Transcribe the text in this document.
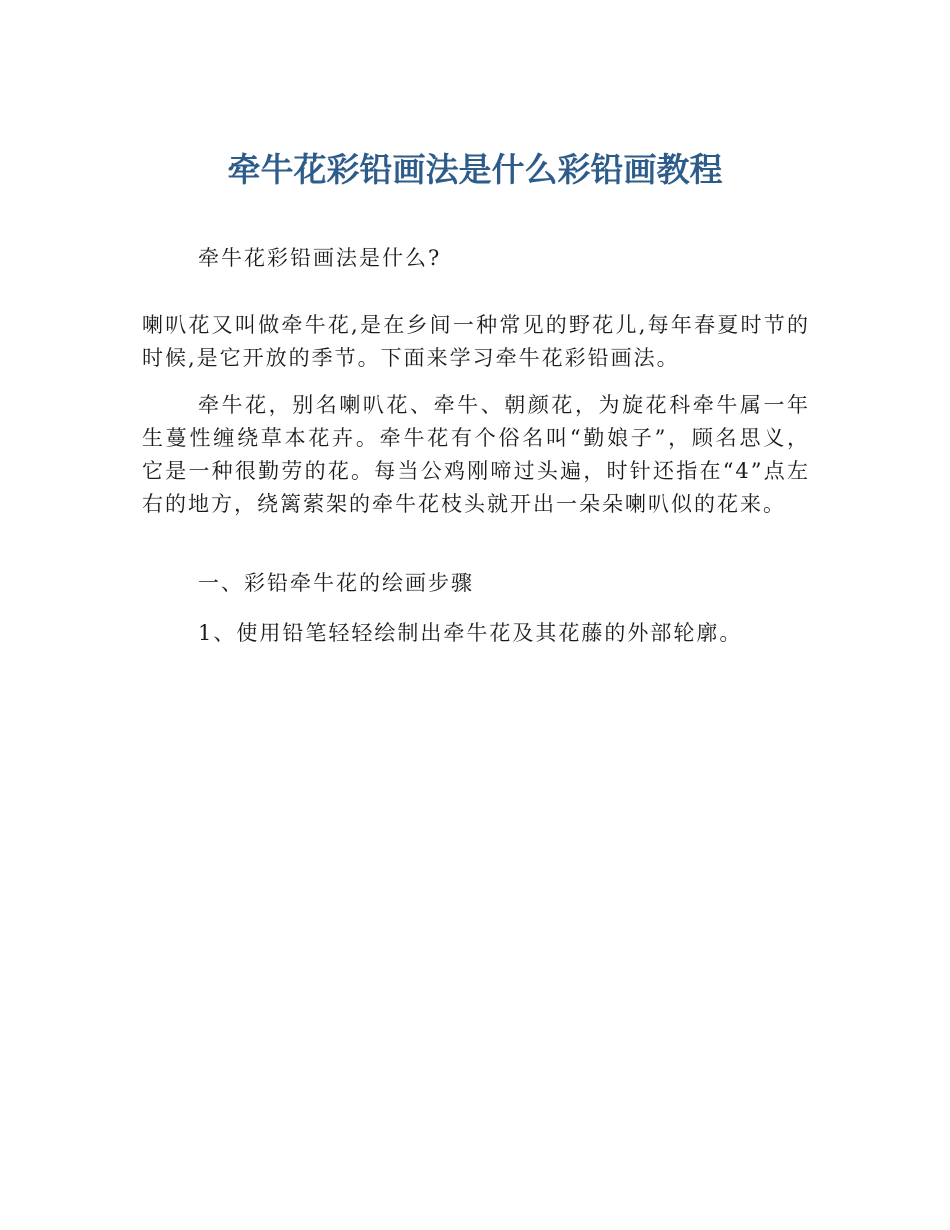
牵牛花彩铅画法是什么彩铅画教程

牵牛花彩铅画法是什么?

喇叭花又叫做牵牛花,是在乡间一种常见的野花儿,每年春夏时节的时候,是它开放的季节。下面来学习牵牛花彩铅画法。

牵牛花，别名喇叭花、牵牛、朝颜花，为旋花科牵牛属一年生蔓性缠绕草本花卉。牵牛花有个俗名叫“勤娘子”，顾名思义，它是一种很勤劳的花。每当公鸡刚啼过头遍，时针还指在“4”点左右的地方，绕篱萦架的牵牛花枝头就开出一朵朵喇叭似的花来。

一、彩铅牵牛花的绘画步骤

1、使用铅笔轻轻绘制出牵牛花及其花藤的外部轮廓。
